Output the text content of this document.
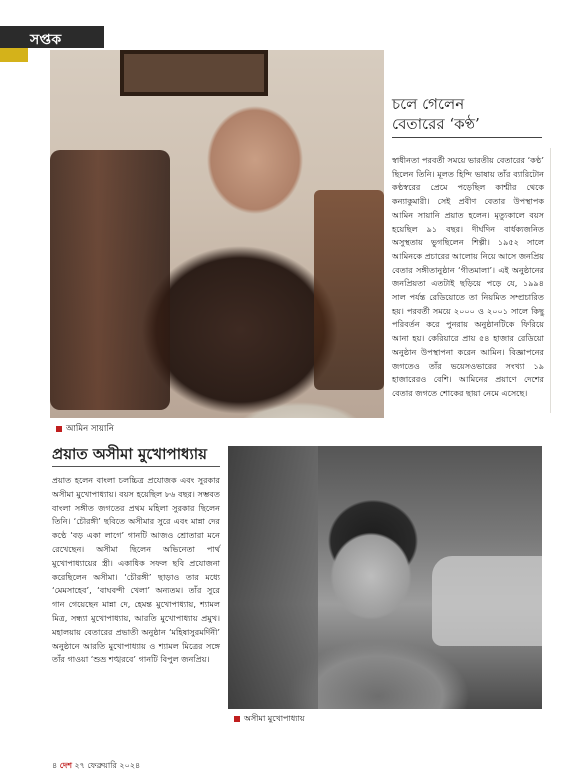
সপ্তক
আমিন সায়ানি
চলে গেলেন
বেতারের ‘কণ্ঠ’
স্বাধীনতা পরবর্তী সময়ে ভারতীয় বেতারের ‘কণ্ঠ’ ছিলেন তিনি। মূলত হিন্দি ভাষায় তাঁর ব্যারিটোন কণ্ঠস্বরের প্রেমে পড়েছিল কাশ্মীর থেকে কন্যাকুমারী। সেই প্রবীণ বেতার উপস্থাপক আমিন সায়ানি প্রয়াত হলেন। মৃত্যুকালে বয়স হয়েছিল ৯১ বছর। দীর্ঘদিন বার্ধক্যজনিত অসুস্থতায় ভুগছিলেন শিল্পী। ১৯৫২ সালে আমিনকে প্রচারের আলোয় নিয়ে আসে জনপ্রিয় বেতার সঙ্গীতানুষ্ঠান ‘গীতমালা’। এই অনুষ্ঠানের জনপ্রিয়তা এতটাই ছড়িয়ে পড়ে যে, ১৯৯৪ সাল পর্যন্ত রেডিয়োতে তা নিয়মিত সম্প্রচারিত হয়। পরবর্তী সময়ে ২০০০ ও ২০০১ সালে কিছু পরিবর্তন করে পুনরায় অনুষ্ঠানটিকে ফিরিয়ে আনা হয়। কেরিয়ারে প্রায় ৫৪ হাজার রেডিয়ো অনুষ্ঠান উপস্থাপনা করেন আমিন। বিজ্ঞাপনের জগতেও তাঁর ভয়েসওভারের সংখ্যা ১৯ হাজারেরও বেশি। আমিনের প্রয়াণে দেশের বেতার জগতে শোকের ছায়া নেমে এসেছে।
প্রয়াত অসীমা মুখোপাধ্যায়
প্রয়াত হলেন বাংলা চলচ্চিত্র প্রযোজক এবং সুরকার অসীমা মুখোপাধ্যায়। বয়স হয়েছিল ৮৬ বছর। সম্ভবত বাংলা সঙ্গীত জগতের প্রথম মহিলা সুরকার ছিলেন তিনি। ‘চৌরঙ্গী’ ছবিতে অসীমার সুরে এবং মান্না দের কণ্ঠে ‘বড় একা লাগে’ গানটি আজও শ্রোতারা মনে রেখেছেন। অসীমা ছিলেন অভিনেতা পার্থ মুখোপাধ্যায়ের স্ত্রী। একাধিক সফল ছবি প্রযোজনা করেছিলেন অসীমা। ‘চৌরঙ্গী’ ছাড়াও তার মধ্যে ‘মেমসাহেব’, ‘বাঘবন্দী খেলা’ অন্যতম। তাঁর সুরে গান গেয়েছেন মান্না দে, হেমন্ত মুখোপাধ্যায়, শ্যামল মিত্র, সন্ধ্যা মুখোপাধ্যায়, আরতি মুখোপাধ্যায় প্রমুখ। মহালয়ায় বেতারের প্রভাতী অনুষ্ঠান ‘মহিষাসুরমর্দিনী’ অনুষ্ঠানে আরতি মুখোপাধ্যায় ও শ্যামল মিত্রের সঙ্গে তাঁর গাওয়া ‘শুভ্র শঙ্খরবে’ গানটি বিপুল জনপ্রিয়।
অসীমা মুখোপাধ্যায়
৪ দেশ ২৭ ফেব্রুয়ারি ২০২৪
